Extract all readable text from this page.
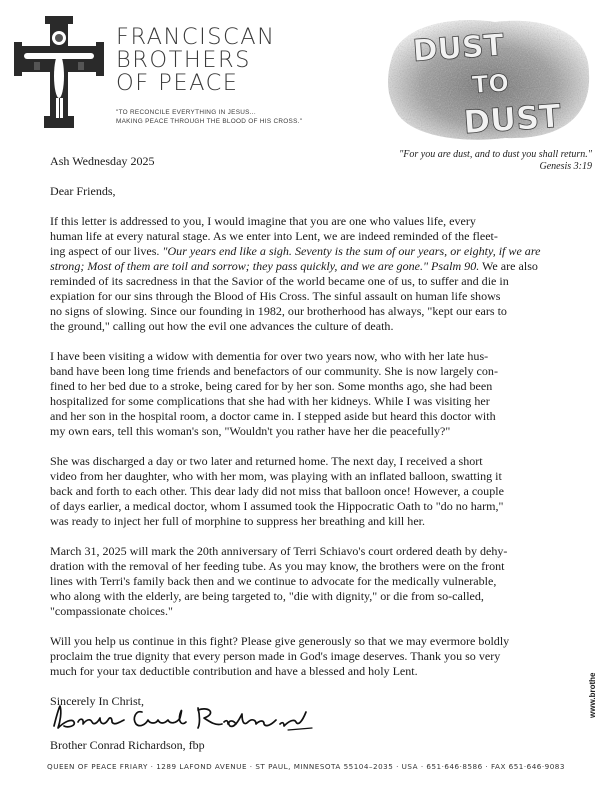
FRANCISCAN
BROTHERS
OF PEACE
"TO RECONCILE EVERYTHING IN JESUS...
MAKING PEACE THROUGH THE BLOOD OF HIS CROSS."
DUST
TO
DUST
"For you are dust, and to dust you shall return."
Genesis 3:19

Ash Wednesday 2025

Dear Friends,

If this letter is addressed to you, I would imagine that you are one who values life, every
human life at every natural stage. As we enter into Lent, we are indeed reminded of the fleet-
ing aspect of our lives. "Our years end like a sigh. Seventy is the sum of our years, or eighty, if we are
strong; Most of them are toil and sorrow; they pass quickly, and we are gone." Psalm 90. We are also
reminded of its sacredness in that the Savior of the world became one of us, to suffer and die in
expiation for our sins through the Blood of His Cross. The sinful assault on human life shows
no signs of slowing. Since our founding in 1982, our brotherhood has always, "kept our ears to
the ground," calling out how the evil one advances the culture of death.

I have been visiting a widow with dementia for over two years now, who with her late hus-
band have been long time friends and benefactors of our community. She is now largely con-
fined to her bed due to a stroke, being cared for by her son. Some months ago, she had been
hospitalized for some complications that she had with her kidneys. While I was visiting her
and her son in the hospital room, a doctor came in. I stepped aside but heard this doctor with
my own ears, tell this woman's son, "Wouldn't you rather have her die peacefully?"

She was discharged a day or two later and returned home. The next day, I received a short
video from her daughter, who with her mom, was playing with an inflated balloon, swatting it
back and forth to each other. This dear lady did not miss that balloon once! However, a couple
of days earlier, a medical doctor, whom I assumed took the Hippocratic Oath to "do no harm,"
was ready to inject her full of morphine to suppress her breathing and kill her.

March 31, 2025 will mark the 20th anniversary of Terri Schiavo's court ordered death by dehy-
dration with the removal of her feeding tube. As you may know, the brothers were on the front
lines with Terri's family back then and we continue to advocate for the medically vulnerable,
who along with the elderly, are being targeted to, "die with dignity," or die from so-called,
"compassionate choices."

Will you help us continue in this fight? Please give generously so that we may evermore boldly
proclaim the true dignity that every person made in God's image deserves. Thank you so very
much for your tax deductible contribution and have a blessed and holy Lent.

Sincerely In Christ,

Brother Conrad Richardson, fbp
www.brothe
QUEEN OF PEACE FRIARY · 1289 LAFOND AVENUE · ST PAUL, MINNESOTA 55104–2035 · USA · 651·646·8586 · FAX 651·646·9083
